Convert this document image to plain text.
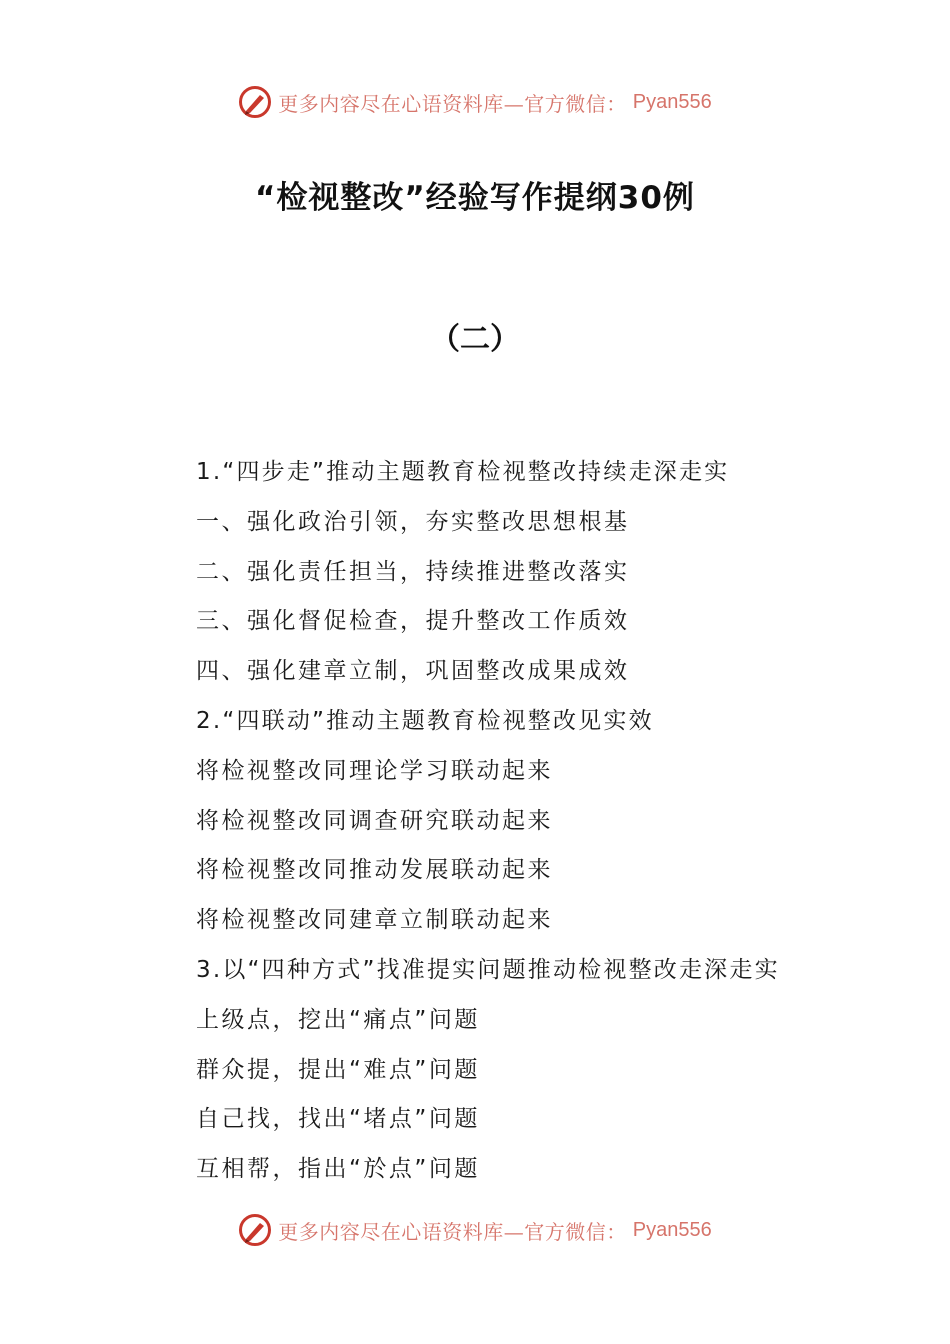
更多内容尽在心语资料库—官方微信： Pyan556
“检视整改”经验写作提纲30例
（二）
1.“四步走”推动主题教育检视整改持续走深走实
一、强化政治引领，夯实整改思想根基
二、强化责任担当，持续推进整改落实
三、强化督促检查，提升整改工作质效
四、强化建章立制，巩固整改成果成效
2.“四联动”推动主题教育检视整改见实效
将检视整改同理论学习联动起来
将检视整改同调查研究联动起来
将检视整改同推动发展联动起来
将检视整改同建章立制联动起来
3.以“四种方式”找准提实问题推动检视整改走深走实
上级点，挖出“痛点”问题
群众提，提出“难点”问题
自己找，找出“堵点”问题
互相帮，指出“於点”问题
更多内容尽在心语资料库—官方微信： Pyan556
